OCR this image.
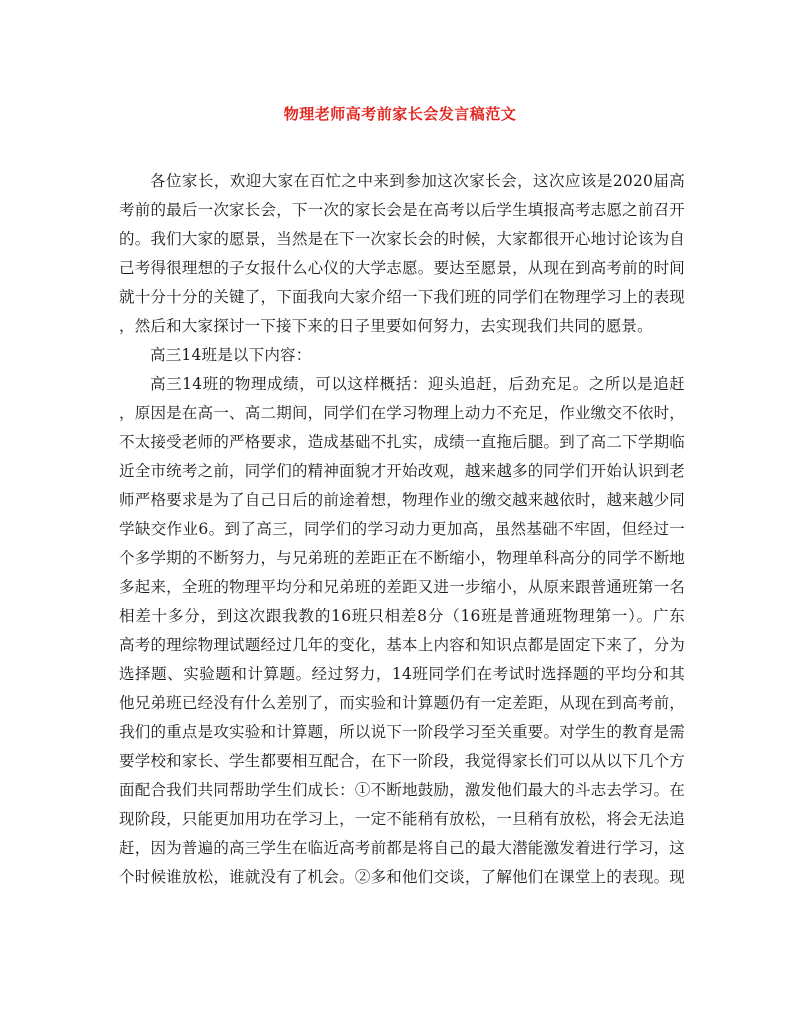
物理老师高考前家长会发言稿范文
各位家长，欢迎大家在百忙之中来到参加这次家长会，这次应该是2020届高
考前的最后一次家长会，下一次的家长会是在高考以后学生填报高考志愿之前召开
的。我们大家的愿景，当然是在下一次家长会的时候，大家都很开心地讨论该为自
己考得很理想的子女报什么心仪的大学志愿。要达至愿景，从现在到高考前的时间
就十分十分的关键了，下面我向大家介绍一下我们班的同学们在物理学习上的表现
，然后和大家探讨一下接下来的日子里要如何努力，去实现我们共同的愿景。
高三14班是以下内容：
高三14班的物理成绩，可以这样概括：迎头追赶，后劲充足。之所以是追赶
，原因是在高一、高二期间，同学们在学习物理上动力不充足，作业缴交不依时，
不太接受老师的严格要求，造成基础不扎实，成绩一直拖后腿。到了高二下学期临
近全市统考之前，同学们的精神面貌才开始改观，越来越多的同学们开始认识到老
师严格要求是为了自己日后的前途着想，物理作业的缴交越来越依时，越来越少同
学缺交作业6。到了高三，同学们的学习动力更加高，虽然基础不牢固，但经过一
个多学期的不断努力，与兄弟班的差距正在不断缩小，物理单科高分的同学不断地
多起来，全班的物理平均分和兄弟班的差距又进一步缩小，从原来跟普通班第一名
相差十多分，到这次跟我教的16班只相差8分（16班是普通班物理第一）。广东
高考的理综物理试题经过几年的变化，基本上内容和知识点都是固定下来了，分为
选择题、实验题和计算题。经过努力，14班同学们在考试时选择题的平均分和其
他兄弟班已经没有什么差别了，而实验和计算题仍有一定差距，从现在到高考前，
我们的重点是攻实验和计算题，所以说下一阶段学习至关重要。对学生的教育是需
要学校和家长、学生都要相互配合，在下一阶段，我觉得家长们可以从以下几个方
面配合我们共同帮助学生们成长：①不断地鼓励，激发他们最大的斗志去学习。在
现阶段，只能更加用功在学习上，一定不能稍有放松，一旦稍有放松，将会无法追
赶，因为普遍的高三学生在临近高考前都是将自己的最大潜能激发着进行学习，这
个时候谁放松，谁就没有了机会。②多和他们交谈，了解他们在课堂上的表现。现
